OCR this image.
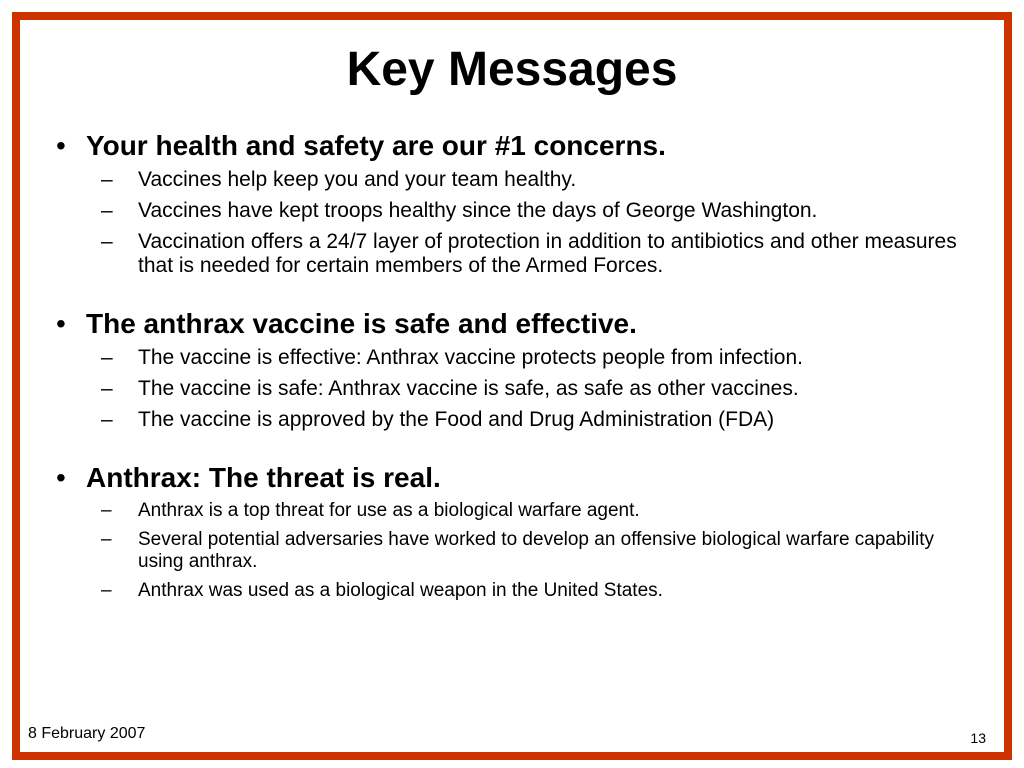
Key Messages
• Your health and safety are our #1 concerns.
– Vaccines help keep you and your team healthy.
– Vaccines have kept troops healthy since the days of George Washington.
– Vaccination offers a 24/7 layer of protection in addition to antibiotics and other measures that is needed for certain members of the Armed Forces.
• The anthrax vaccine is safe and effective.
– The vaccine is effective: Anthrax vaccine protects people from infection.
– The vaccine is safe: Anthrax vaccine is safe, as safe as other vaccines.
– The vaccine is approved by the Food and Drug Administration (FDA)
• Anthrax: The threat is real.
– Anthrax is a top threat for use as a biological warfare agent.
– Several potential adversaries have worked to develop an offensive biological warfare capability using anthrax.
– Anthrax was used as a biological weapon in the United States.
8 February 2007	13
